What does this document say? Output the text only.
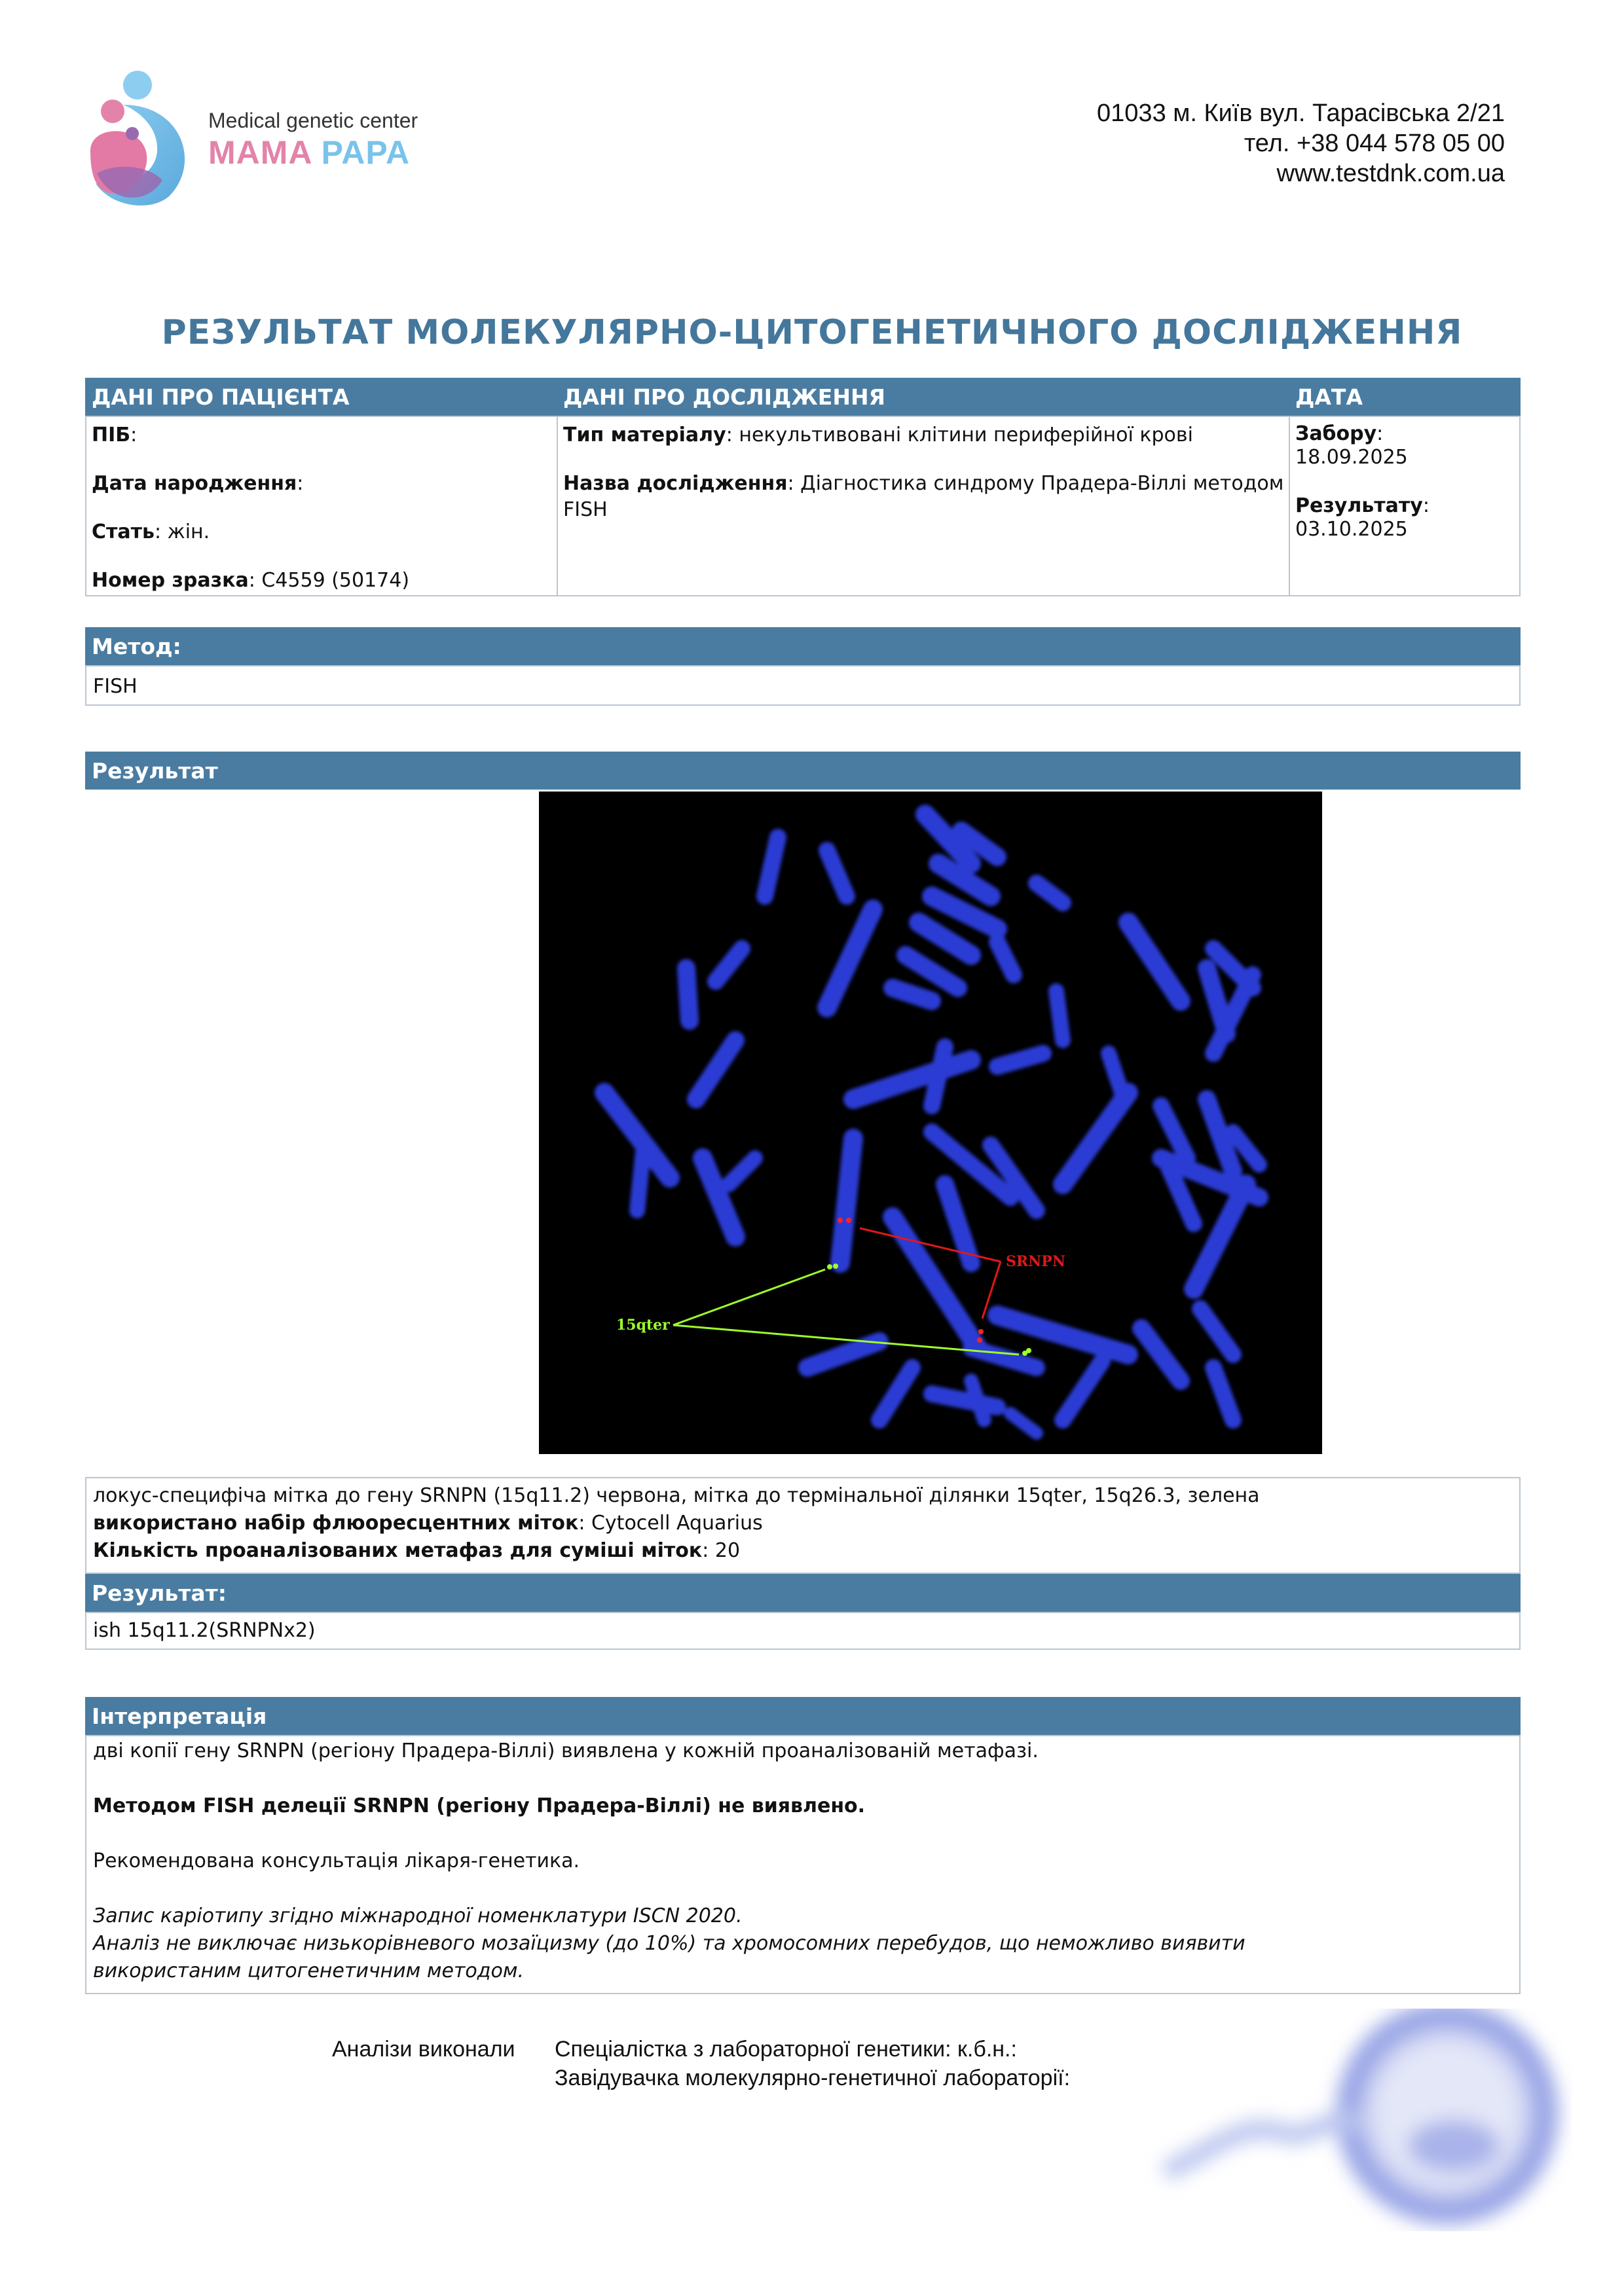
Medical genetic center
MAMA PAPA
01033 м. Київ вул. Тарасівська 2/21
тел. +38 044 578 05 00
www.testdnk.com.ua
РЕЗУЛЬТАТ МОЛЕКУЛЯРНО-ЦИТОГЕНЕТИЧНОГО ДОСЛІДЖЕННЯ
ДАНІ ПРО ПАЦІЄНТА	ДАНІ ПРО ДОСЛІДЖЕННЯ	ДАТА
ПІБ:
Дата народження:
Стать: жін.
Номер зразка: C4559 (50174)
Тип матеріалу: некультивовані клітини периферійної крові
Назва дослідження: Діагностика синдрому Прадера-Віллі методом
FISH
Забору:
18.09.2025
Результату:
03.10.2025
Метод:
FISH
Результат
SRNPN
15qter
локус-специфіча мітка до гену SRNPN (15q11.2) червона, мітка до термінальної ділянки 15qter, 15q26.3, зелена
використано набір флюоресцентних міток: Cytocell Aquarius
Кількість проаналізованих метафаз для суміші міток: 20
Результат:
ish 15q11.2(SRNPNx2)
Інтерпретація

дві копії гену SRNPN (регіону Прадера-Віллі) виявлена у кожній проаналізованій метафазі.

Методом FISH делеції SRNPN (регіону Прадера-Віллі) не виявлено.

Рекомендована консультація лікаря-генетика.

Запис каріотипу згідно міжнародної номенклатури ISCN 2020.

Аналіз не виключає низькорівневого мозаїцизму (до 10%) та хромосомних перебудов, що неможливо виявити

використаним цитогенетичним методом.

Аналізи виконали Спеціалістка з лабораторної генетики: к.б.н.:
Завідувачка молекулярно-генетичної лабораторії:
